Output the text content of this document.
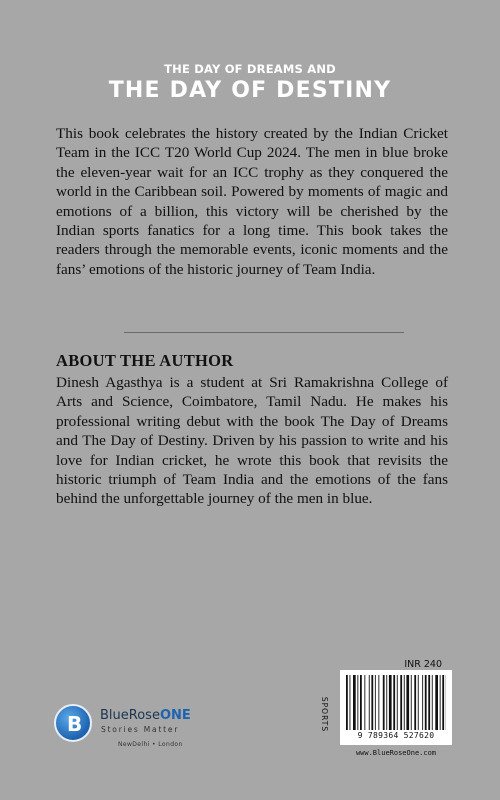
THE DAY OF DREAMS AND
THE DAY OF DESTINY

This book celebrates the history created by the Indian Cricket Team in the ICC T20 World Cup 2024. The men in blue broke the eleven-year wait for an ICC trophy as they conquered the world in the Caribbean soil. Powered by moments of magic and emotions of a billion, this victory will be cherished by the Indian sports fanatics for a long time. This book takes the readers through the memorable events, iconic moments and the fans’ emotions of the historic journey of Team India.

ABOUT THE AUTHOR

Dinesh Agasthya is a student at Sri Ramakrishna College of Arts and Science, Coimbatore, Tamil Nadu. He makes his professional writing debut with the book The Day of Dreams and The Day of Destiny. Driven by his passion to write and his love for Indian cricket, he wrote this book that revisits the historic triumph of Team India and the emotions of the fans behind the unforgettable journey of the men in blue.

B BlueRoseONE
Stories Matter
NewDelhi • London
INR 240
SPORTS
9 789364 527620
www.BlueRoseOne.com
